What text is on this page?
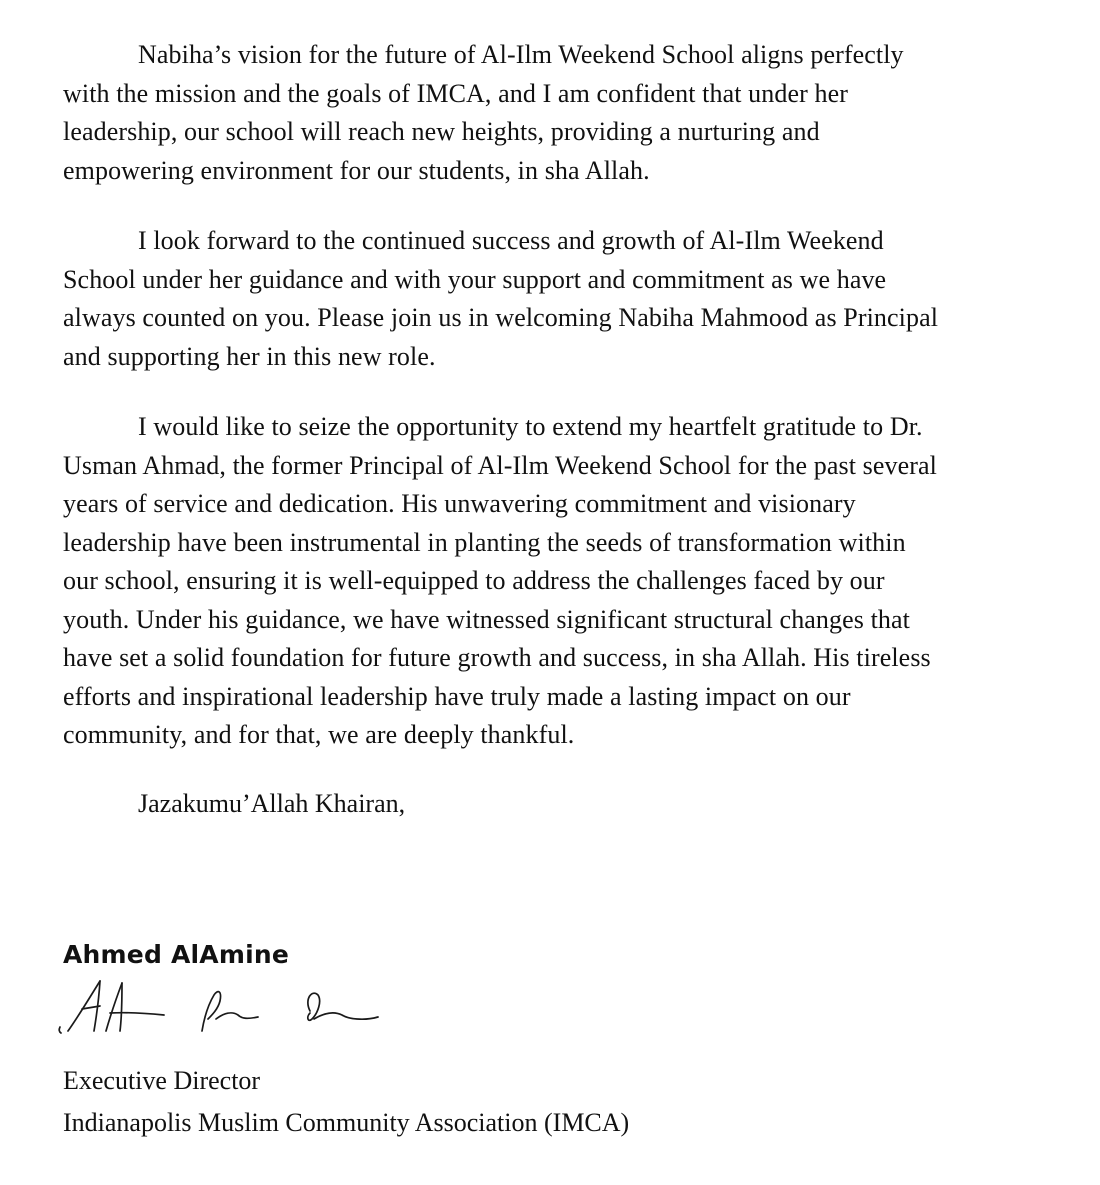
Nabiha’s vision for the future of Al-Ilm Weekend School aligns perfectly
with the mission and the goals of IMCA, and I am confident that under her
leadership, our school will reach new heights, providing a nurturing and
empowering environment for our students, in sha Allah.

I look forward to the continued success and growth of Al-Ilm Weekend
School under her guidance and with your support and commitment as we have
always counted on you. Please join us in welcoming Nabiha Mahmood as Principal
and supporting her in this new role.

I would like to seize the opportunity to extend my heartfelt gratitude to Dr.
Usman Ahmad, the former Principal of Al-Ilm Weekend School for the past several
years of service and dedication. His unwavering commitment and visionary
leadership have been instrumental in planting the seeds of transformation within
our school, ensuring it is well-equipped to address the challenges faced by our
youth. Under his guidance, we have witnessed significant structural changes that
have set a solid foundation for future growth and success, in sha Allah. His tireless
efforts and inspirational leadership have truly made a lasting impact on our
community, and for that, we are deeply thankful.

Jazakumu’Allah Khairan,

Ahmed AlAmine

Executive Director

Indianapolis Muslim Community Association (IMCA)
